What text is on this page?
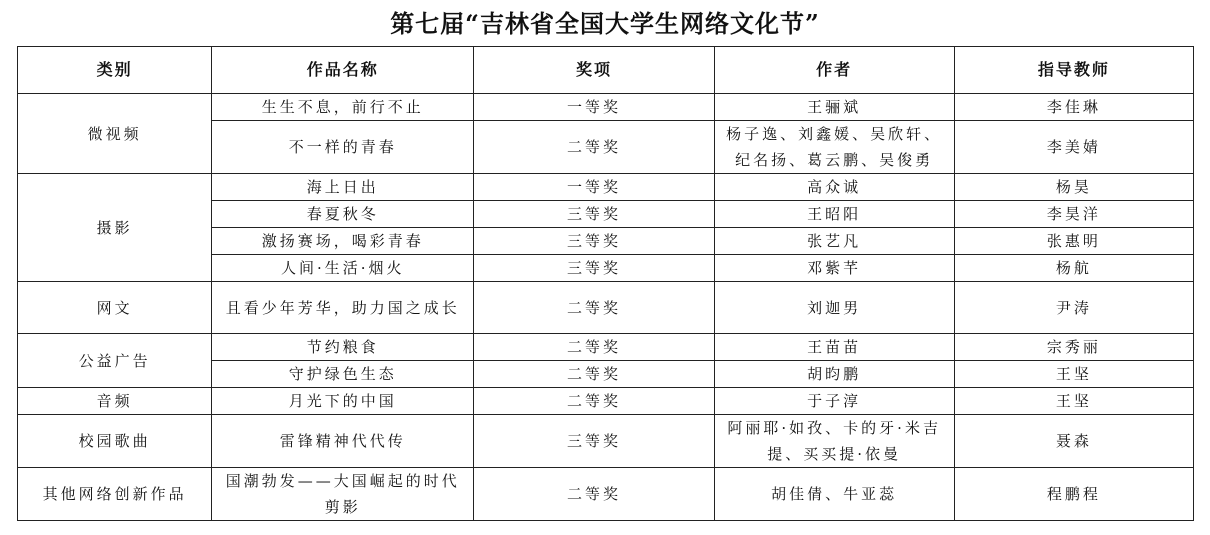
第七届“吉林省全国大学生网络文化节”
类别	作品名称	奖项	作者	指导教师
微视频	生生不息，前行不止	一等奖	王骊斌	李佳琳
	不一样的青春	二等奖	杨子逸、刘鑫媛、吴欣轩、纪名扬、葛云鹏、吴俊勇	李美婧
摄影	海上日出	一等奖	高众诚	杨昊
	春夏秋冬	三等奖	王昭阳	李昊洋
	激扬赛场，喝彩青春	三等奖	张艺凡	张惠明
	人间·生活·烟火	三等奖	邓紫芊	杨航
网文	且看少年芳华，助力国之成长	二等奖	刘迦男	尹涛
公益广告	节约粮食	二等奖	王苗苗	宗秀丽
	守护绿色生态	二等奖	胡昀鹏	王坚
音频	月光下的中国	二等奖	于子淳	王坚
校园歌曲	雷锋精神代代传	三等奖	阿丽耶·如孜、卡的牙·米吉提、买买提·依曼	聂森
其他网络创新作品	国潮勃发——大国崛起的时代剪影	二等奖	胡佳倩、牛亚蕊	程鹏程
